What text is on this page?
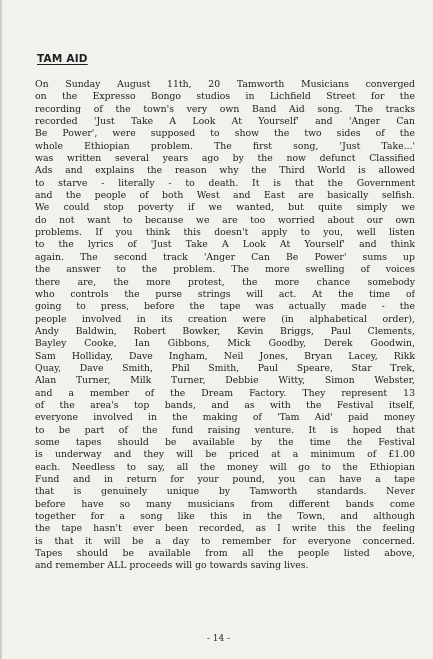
TAM AID
On Sunday August 11th, 20 Tamworth Musicians converged
on the Expresso Bongo studios in Lichfield Street for the
recording of the town's very own Band Aid song. The tracks
recorded 'Just Take A Look At Yourself' and 'Anger Can
Be Power', were supposed to show the two sides of the
whole Ethiopian problem. The first song, 'Just Take...'
was written several years ago by the now defunct Classified
Ads and explains the reason why the Third World is allowed
to starve - literally - to death. It is that the Government
and the people of both West and East are basically selfish.
We could stop poverty if we wanted, but quite simply we
do not want to because we are too worried about our own
problems. If you think this doesn't apply to you, well listen
to the lyrics of 'Just Take A Look At Yourself' and think
again. The second track 'Anger Can Be Power' sums up
the answer to the problem. The more swelling of voices
there are, the more protest, the more chance somebody
who controls the purse strings will act. At the time of
going to press, before the tape was actually made - the
people involved in its creation were (in alphabetical order),
Andy Baldwin, Robert Bowker, Kevin Briggs, Paul Clements,
Bayley Cooke, Ian Gibbons, Mick Goodby, Derek Goodwin,
Sam Holliday, Dave Ingham, Neil Jones, Bryan Lacey, Rikk
Quay, Dave Smith, Phil Smith, Paul Speare, Star Trek,
Alan Turner, Milk Turner, Debbie Witty, Simon Webster,
and a member of the Dream Factory. They represent 13
of the area's top bands, and as with the Festival itself,
everyone involved in the making of 'Tam Aid' paid money
to be part of the fund raising venture. It is hoped that
some tapes should be available by the time the Festival
is underway and they will be priced at a minimum of £1.00
each. Needless to say, all the money will go to the Ethiopian
Fund and in return for your pound, you can have a tape
that is genuinely unique by Tamworth standards. Never
before have so many musicians from different bands come
together for a song like this in the Town, and although
the tape hasn't ever been recorded, as I write this the feeling
is that it will be a day to remember for everyone concerned.
Tapes should be available from all the people listed above,
and remember ALL proceeds will go towards saving lives.
- 14 -
